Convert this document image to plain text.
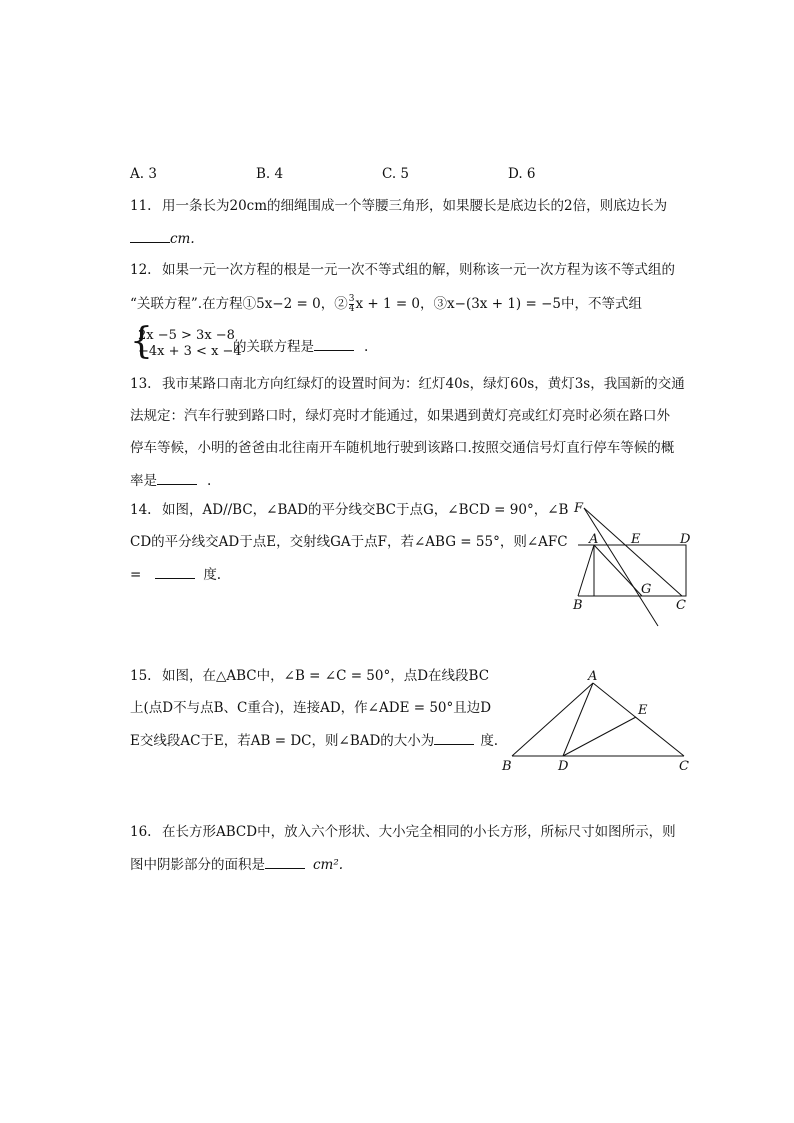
A. 3	B. 4	C. 5	D. 6
11. 用一条长为20cm的细绳围成一个等腰三角形，如果腰长是底边长的2倍，则底边长为
cm.
12. 如果一元一次方程的根是一元一次不等式组的解，则称该一元一次方程为该不等式组的
“关联方程”.在方程①5x−2 = 0，② $\frac{3}{4}$ x + 1 = 0，③x−(3x + 1) = −5中，不等式组
{
2x −5 > 3x −8
−4x + 3 < x −4
的关联方程是	.
13. 我市某路口南北方向红绿灯的设置时间为：红灯40s，绿灯60s，黄灯3s，我国新的交通
法规定：汽车行驶到路口时，绿灯亮时才能通过，如果遇到黄灯亮或红灯亮时必须在路口外
停车等候，小明的爸爸由北往南开车随机地行驶到该路口.按照交通信号灯直行停车等候的概
率是	.
14. 如图，AD//BC，∠BAD的平分线交BC于点G，∠BCD = 90°，∠B
CD的平分线交AD于点E，交射线GA于点F，若∠ABG = 55°，则∠AFC
=	度.
F
A	E	D
B
G
C
15. 如图，在△ABC中，∠B = ∠C = 50°，点D在线段BC
上(点D不与点B、C重合)，连接AD，作∠ADE = 50°且边D
E交线段AC于E，若AB = DC，则∠BAD的大小为	度.
A
E
B	D	C
16. 在长方形ABCD中，放入六个形状、大小完全相同的小长方形，所标尺寸如图所示，则
图中阴影部分的面积是	cm².
